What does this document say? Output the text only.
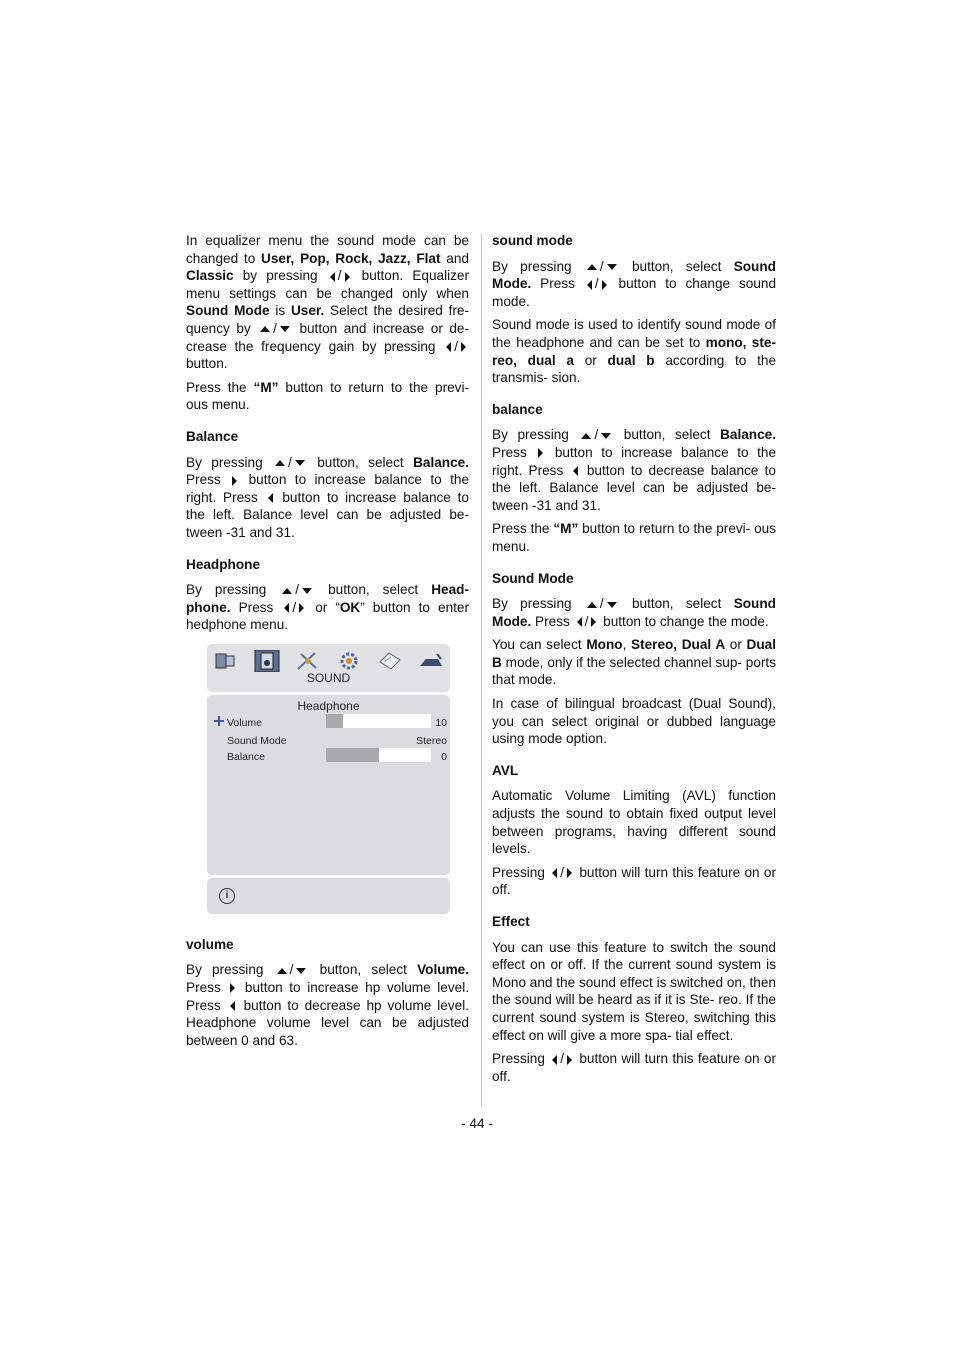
In equalizer menu the sound mode can be changed to User, Pop, Rock, Jazz, Flat and Classic by pressing / button. Equalizer menu settings can be changed only when Sound Mode is User. Select the desired fre- quency by / button and increase or de- crease the frequency gain by pressing / button.

Press the “M” button to return to the previ- ous menu.

Balance

By pressing / button, select Balance. Press  button to increase balance to the right. Press  button to increase balance to the left. Balance level can be adjusted be- tween -31 and 31.

Headphone

By pressing / button, select Head- phone. Press / or “OK” button to enter hedphone menu.

SOUND
Headphone
Volume	10
Sound Mode	Stereo
Balance	0
i

volume

By pressing / button, select Volume. Press  button to increase hp volume level. Press  button to decrease hp volume level. Headphone volume level can be adjusted between 0 and 63.

sound mode

By pressing / button, select Sound Mode. Press / button to change sound mode.

Sound mode is used to identify sound mode of the headphone and can be set to mono, ste- reo, dual a or dual b according to the transmis- sion.

balance

By pressing / button, select Balance. Press  button to increase balance to the right. Press  button to decrease balance to the left. Balance level can be adjusted be- tween -31 and 31.

Press the “M” button to return to the previ- ous menu.

Sound Mode

By pressing / button, select Sound Mode. Press / button to change the mode.

You can select Mono, Stereo, Dual A or Dual B mode, only if the selected channel sup- ports that mode.

In case of bilingual broadcast (Dual Sound), you can select original or dubbed language using mode option.

AVL

Automatic Volume Limiting (AVL) function adjusts the sound to obtain fixed output level between programs, having different sound levels.

Pressing / button will turn this feature on or off.

Effect

You can use this feature to switch the sound effect on or off. If the current sound system is Mono and the sound effect is switched on, then the sound will be heard as if it is Ste- reo. If the current sound system is Stereo, switching this effect on will give a more spa- tial effect.

Pressing / button will turn this feature on or off.

- 44 -
